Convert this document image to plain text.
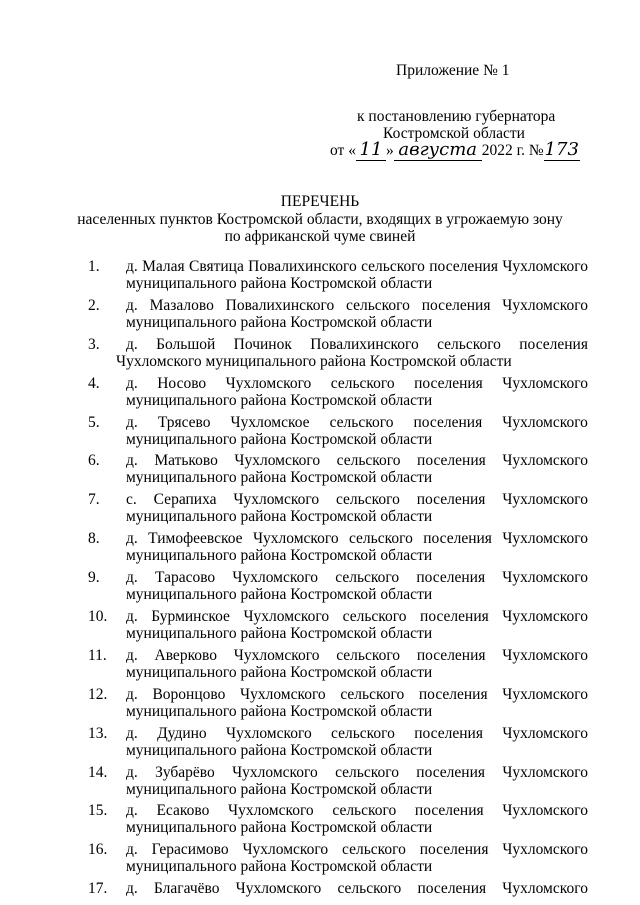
Приложение № 1
к постановлению губернатора
Костромской области
от « 11 » августа 2022 г. №173
ПЕРЕЧЕНЬ
населенных пунктов Костромской области, входящих в угрожаемую зону
по африканской чуме свиней
1.	д. Малая Святица Повалихинского сельского поселения Чухломского
муниципального района Костромской области
2.	д. Мазалово Повалихинского сельского поселения Чухломского
муниципального района Костромской области
3.	д. Большой Починок Повалихинского сельского поселения
Чухломского муниципального района Костромской области
4.	д. Носово Чухломского сельского поселения Чухломского
муниципального района Костромской области
5.	д. Трясево Чухломское сельского поселения Чухломского
муниципального района Костромской области
6.	д. Матьково Чухломского сельского поселения Чухломского
муниципального района Костромской области
7.	с. Серапиха Чухломского сельского поселения Чухломского
муниципального района Костромской области
8.	д. Тимофеевское Чухломского сельского поселения Чухломского
муниципального района Костромской области
9.	д. Тарасово Чухломского сельского поселения Чухломского
муниципального района Костромской области
10.	д. Бурминское Чухломского сельского поселения Чухломского
муниципального района Костромской области
11.	д. Аверково Чухломского сельского поселения Чухломского
муниципального района Костромской области
12.	д. Воронцово Чухломского сельского поселения Чухломского
муниципального района Костромской области
13.	д. Дудино Чухломского сельского поселения Чухломского
муниципального района Костромской области
14.	д. Зубарёво Чухломского сельского поселения Чухломского
муниципального района Костромской области
15.	д. Есаково Чухломского сельского поселения Чухломского
муниципального района Костромской области
16.	д. Герасимово Чухломского сельского поселения Чухломского
муниципального района Костромской области
17.	д. Благачёво Чухломского сельского поселения Чухломского
